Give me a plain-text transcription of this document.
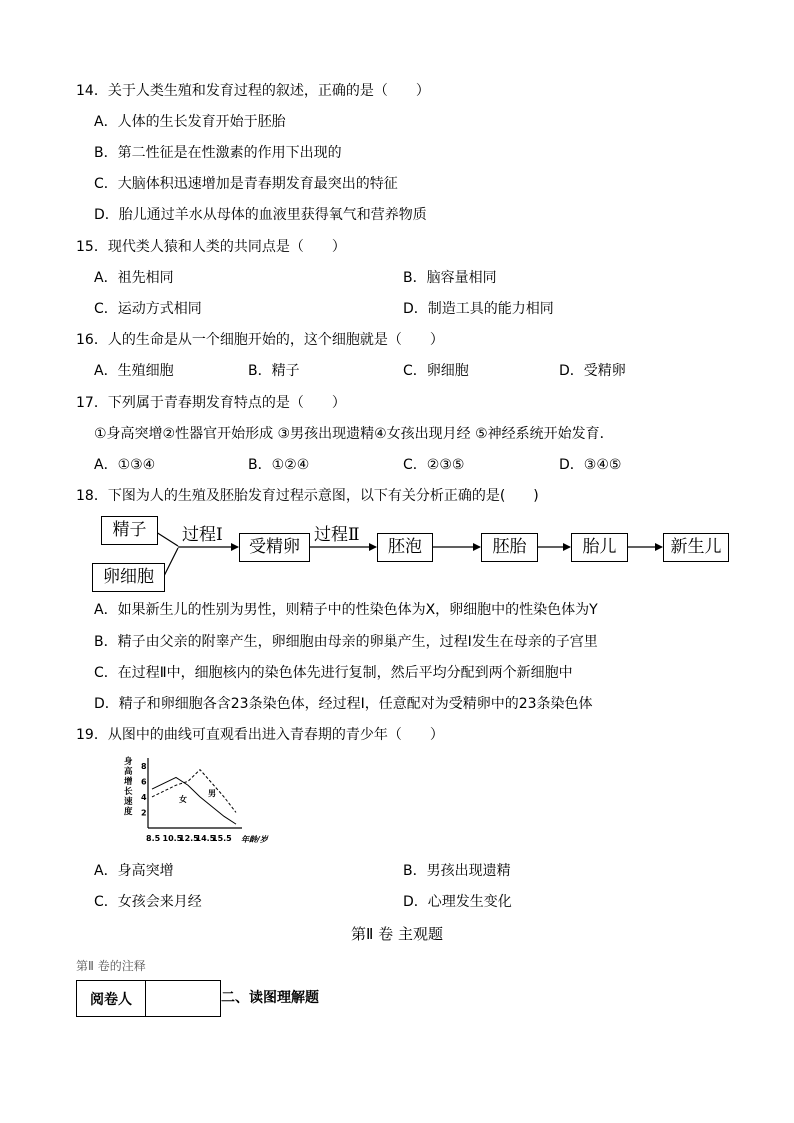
14．关于人类生殖和发育过程的叙述，正确的是（　　）
A．人体的生长发育开始于胚胎
B．第二性征是在性激素的作用下出现的
C．大脑体积迅速增加是青春期发育最突出的特征
D．胎儿通过羊水从母体的血液里获得氧气和营养物质
15．现代类人猿和人类的共同点是（　　）
A．祖先相同	B．脑容量相同
C．运动方式相同	D．制造工具的能力相同
16．人的生命是从一个细胞开始的，这个细胞就是（　　）
A．生殖细胞	B．精子	C．卵细胞	D．受精卵
17．下列属于青春期发育特点的是（　　）
①身高突增②性器官开始形成 ③男孩出现遗精④女孩出现月经 ⑤神经系统开始发育．
A．①③④	B．①②④	C．②③⑤	D．③④⑤
18．下图为人的生殖及胚胎发育过程示意图，以下有关分析正确的是(　　)
精子
卵细胞
过程Ⅰ
受精卵
过程Ⅱ
胚泡	胚胎	胎儿	新生儿
A．如果新生儿的性别为男性，则精子中的性染色体为X，卵细胞中的性染色体为Y
B．精子由父亲的附睾产生，卵细胞由母亲的卵巢产生，过程Ⅰ发生在母亲的子宫里
C．在过程Ⅱ中，细胞核内的染色体先进行复制，然后平均分配到两个新细胞中
D．精子和卵细胞各含23条染色体，经过程Ⅰ，任意配对为受精卵中的23条染色体
19．从图中的曲线可直观看出进入青春期的青少年（　　）
身高增长速度 2
4
6
8
8.5 10.5
12.5
14.5
15.5
女
男
年龄/岁
A．身高突增	B．男孩出现遗精
C．女孩会来月经	D．心理发生变化
第Ⅱ 卷 主观题
第Ⅱ 卷的注释
阅卷人	二、读图理解题
